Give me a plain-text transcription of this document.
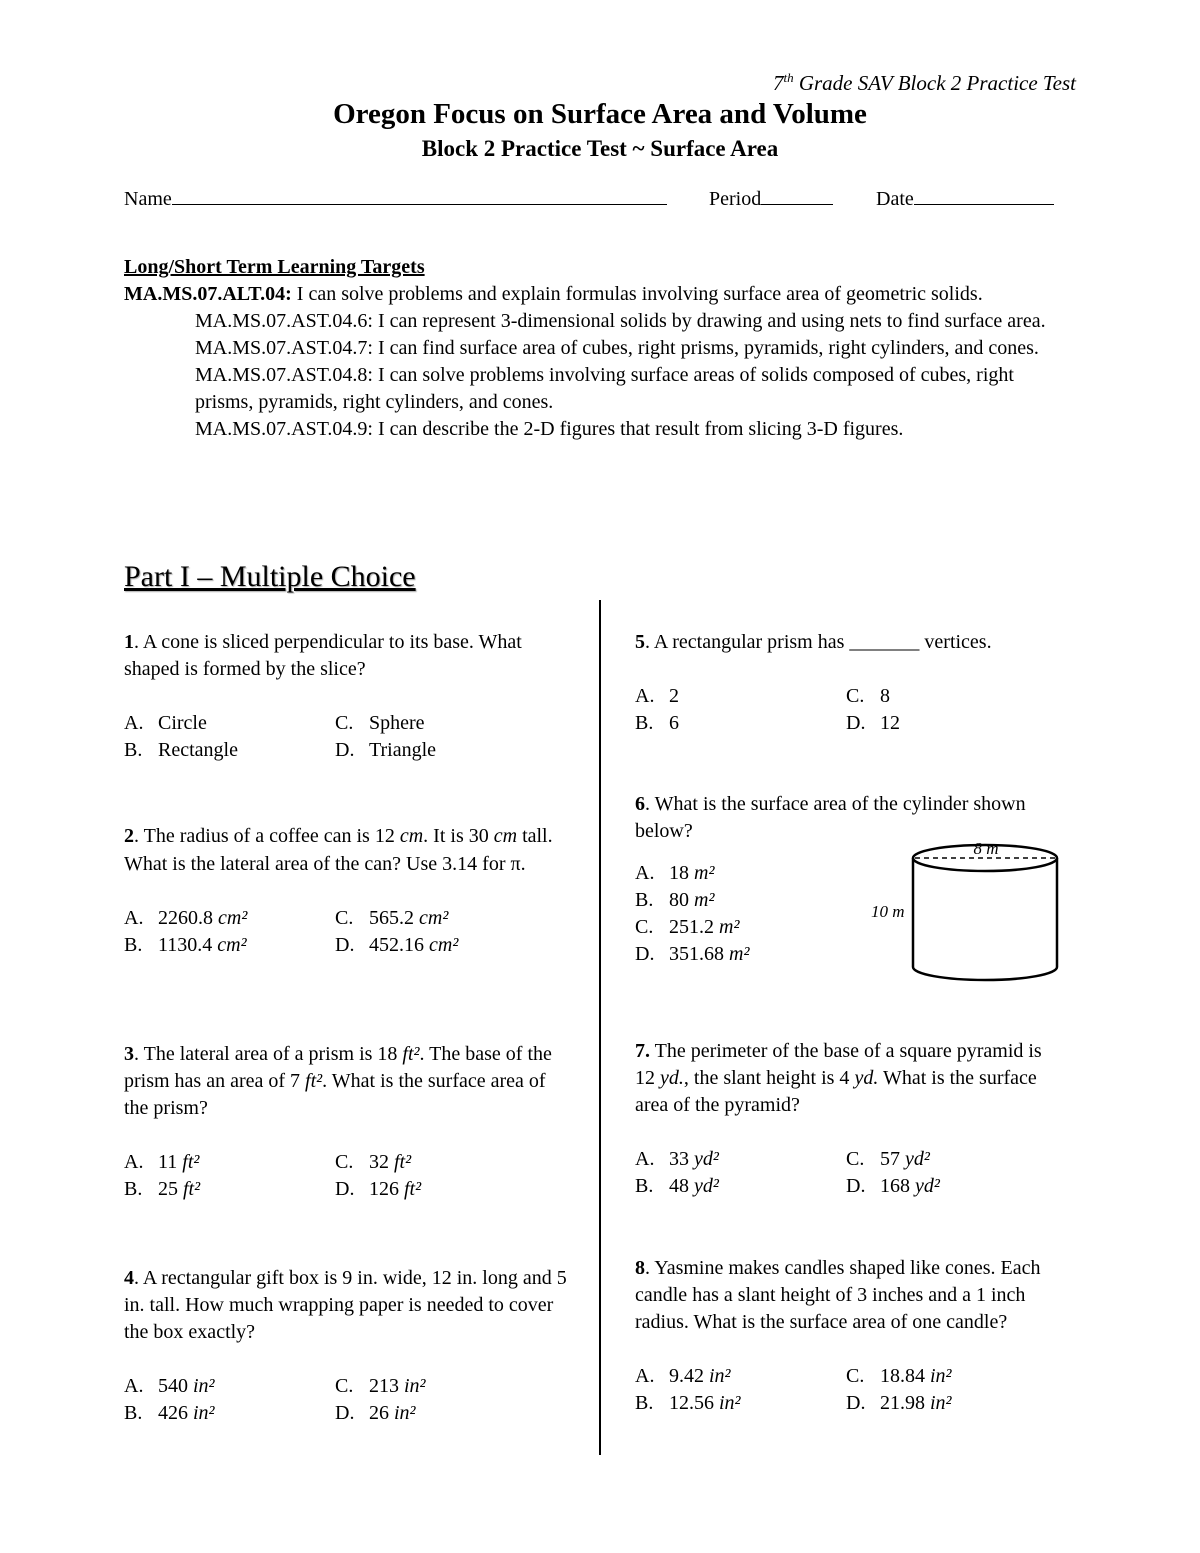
7th Grade SAV Block 2 Practice Test
Oregon Focus on Surface Area and Volume
Block 2 Practice Test ~ Surface Area
Name	Period	Date
Long/Short Term Learning Targets
MA.MS.07.ALT.04: I can solve problems and explain formulas involving surface area of geometric solids.
MA.MS.07.AST.04.6: I can represent 3-dimensional solids by drawing and using nets to find surface area.
MA.MS.07.AST.04.7: I can find surface area of cubes, right prisms, pyramids, right cylinders, and cones.
MA.MS.07.AST.04.8: I can solve problems involving surface areas of solids composed of cubes, right prisms, pyramids, right cylinders, and cones.
MA.MS.07.AST.04.9: I can describe the 2-D figures that result from slicing 3-D figures.
Part I – Multiple Choice
1. A cone is sliced perpendicular to its base. What shaped is formed by the slice?
A. Circle	C. Sphere
B. Rectangle	D. Triangle
2. The radius of a coffee can is 12 cm. It is 30 cm tall. What is the lateral area of the can? Use 3.14 for π.
A. 2260.8 cm²	C. 565.2 cm²
B. 1130.4 cm²	D. 452.16 cm²
3. The lateral area of a prism is 18 ft². The base of the prism has an area of 7 ft². What is the surface area of the prism?
A. 11 ft²	C. 32 ft²
B. 25 ft²	D. 126 ft²
4. A rectangular gift box is 9 in. wide, 12 in. long and 5 in. tall. How much wrapping paper is needed to cover the box exactly?
A. 540 in²	C. 213 in²
B. 426 in²	D. 26 in²
5. A rectangular prism has _______ vertices.
A. 2	C. 8
B. 6	D. 12
6. What is the surface area of the cylinder shown below?
A. 18 m²
B. 80 m²
C. 251.2 m²
D. 351.68 m²
8 m
10 m
7. The perimeter of the base of a square pyramid is 12 yd., the slant height is 4 yd. What is the surface area of the pyramid?
A. 33 yd²	C. 57 yd²
B. 48 yd²	D. 168 yd²
8. Yasmine makes candles shaped like cones. Each candle has a slant height of 3 inches and a 1 inch radius. What is the surface area of one candle?
A. 9.42 in²	C. 18.84 in²
B. 12.56 in²	D. 21.98 in²
